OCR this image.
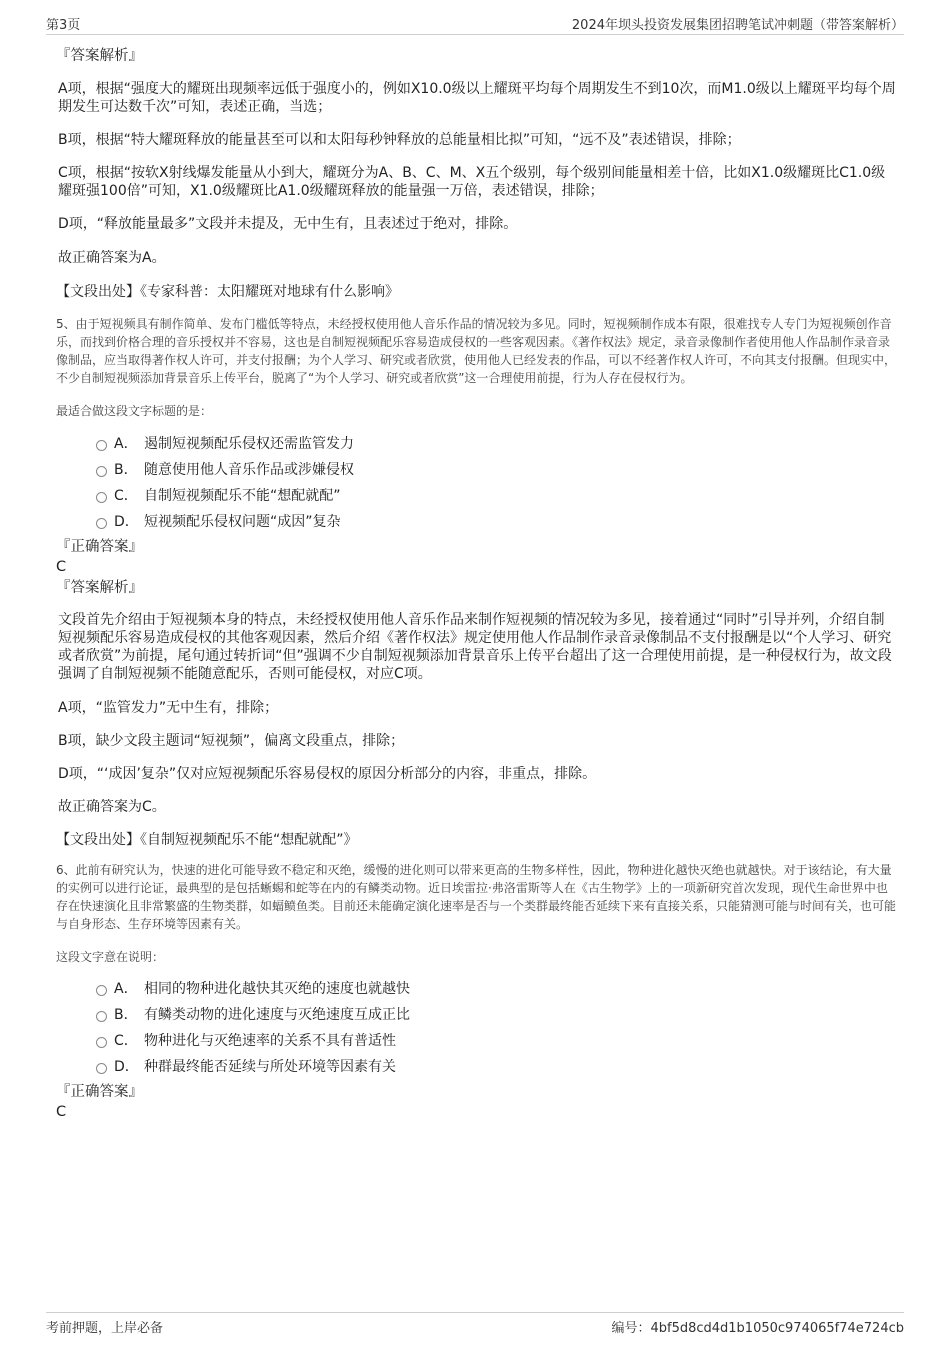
第3页	2024年坝头投资发展集团招聘笔试冲刺题（带答案解析）

『答案解析』

A项，根据“强度大的耀斑出现频率远低于强度小的，例如X10.0级以上耀斑平均每个周期发生不到10次，而M1.0级以上耀斑平均每个周期发生可达数千次”可知，表述正确，当选；

B项，根据“特大耀斑释放的能量甚至可以和太阳每秒钟释放的总能量相比拟”可知，“远不及”表述错误，排除；

C项，根据“按软X射线爆发能量从小到大，耀斑分为A、B、C、M、X五个级别，每个级别间能量相差十倍，比如X1.0级耀斑比C1.0级耀斑强100倍”可知，X1.0级耀斑比A1.0级耀斑释放的能量强一万倍，表述错误，排除；

D项，“释放能量最多”文段并未提及，无中生有，且表述过于绝对，排除。

故正确答案为A。

【文段出处】《专家科普：太阳耀斑对地球有什么影响》

5、由于短视频具有制作简单、发布门槛低等特点，未经授权使用他人音乐作品的情况较为多见。同时，短视频制作成本有限，很难找专人专门为短视频创作音乐，而找到价格合理的音乐授权并不容易，这也是自制短视频配乐容易造成侵权的一些客观因素。《著作权法》规定，录音录像制作者使用他人作品制作录音录像制品，应当取得著作权人许可，并支付报酬；为个人学习、研究或者欣赏，使用他人已经发表的作品，可以不经著作权人许可，不向其支付报酬。但现实中，不少自制短视频添加背景音乐上传平台，脱离了“为个人学习、研究或者欣赏”这一合理使用前提，行为人存在侵权行为。

最适合做这段文字标题的是：

A． 遏制短视频配乐侵权还需监管发力
B． 随意使用他人音乐作品或涉嫌侵权
C． 自制短视频配乐不能“想配就配”
D． 短视频配乐侵权问题“成因”复杂

『正确答案』

C

『答案解析』

文段首先介绍由于短视频本身的特点，未经授权使用他人音乐作品来制作短视频的情况较为多见，接着通过“同时”引导并列，介绍自制短视频配乐容易造成侵权的其他客观因素，然后介绍《著作权法》规定使用他人作品制作录音录像制品不支付报酬是以“个人学习、研究或者欣赏”为前提，尾句通过转折词“但”强调不少自制短视频添加背景音乐上传平台超出了这一合理使用前提，是一种侵权行为，故文段强调了自制短视频不能随意配乐，否则可能侵权，对应C项。

A项，“监管发力”无中生有，排除；

B项，缺少文段主题词“短视频”，偏离文段重点，排除；

D项，“‘成因’复杂”仅对应短视频配乐容易侵权的原因分析部分的内容，非重点，排除。

故正确答案为C。

【文段出处】《自制短视频配乐不能“想配就配”》

6、此前有研究认为，快速的进化可能导致不稳定和灭绝，缓慢的进化则可以带来更高的生物多样性，因此，物种进化越快灭绝也就越快。对于该结论，有大量的实例可以进行论证，最典型的是包括蜥蜴和蛇等在内的有鳞类动物。近日埃雷拉·弗洛雷斯等人在《古生物学》上的一项新研究首次发现，现代生命世界中也存在快速演化且非常繁盛的生物类群，如蝠鲼鱼类。目前还未能确定演化速率是否与一个类群最终能否延续下来有直接关系，只能猜测可能与时间有关，也可能与自身形态、生存环境等因素有关。

这段文字意在说明：

A． 相同的物种进化越快其灭绝的速度也就越快
B． 有鳞类动物的进化速度与灭绝速度互成正比
C． 物种进化与灭绝速率的关系不具有普适性
D． 种群最终能否延续与所处环境等因素有关

『正确答案』

C

考前押题，上岸必备	编号：4bf5d8cd4d1b1050c974065f74e724cb
